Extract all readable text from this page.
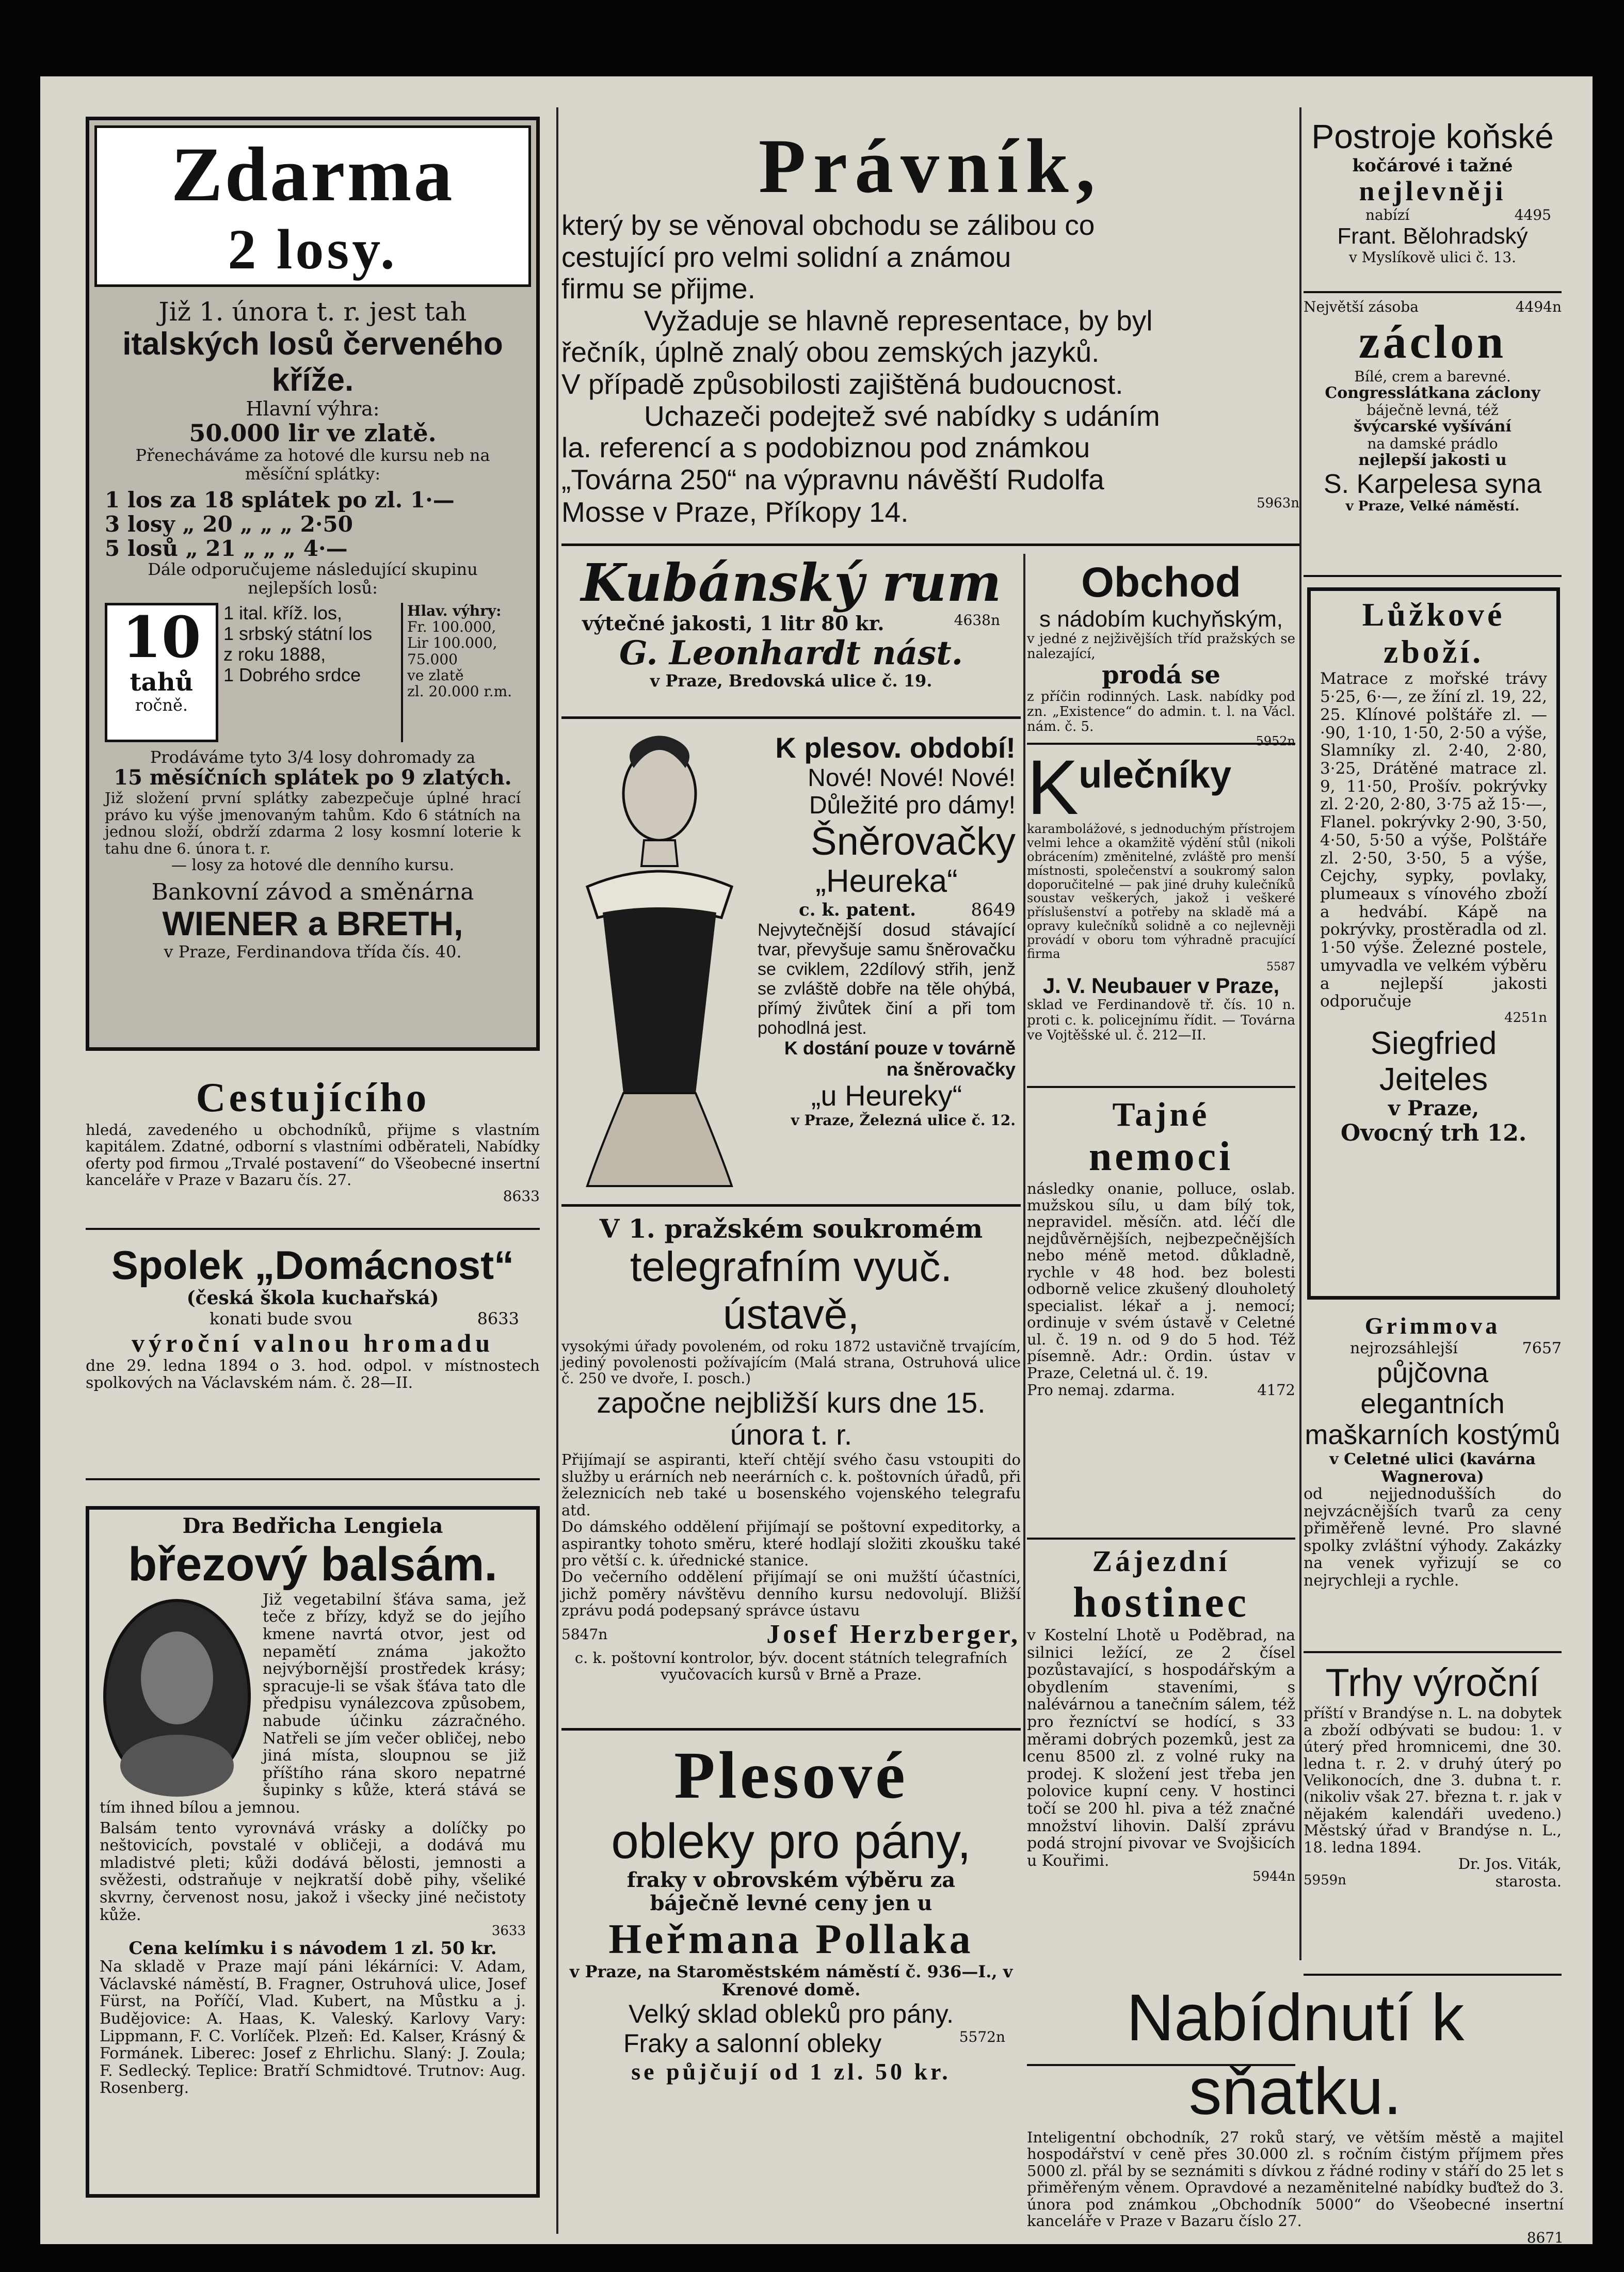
Zdarma
2 losy.
Již 1. února t. r. jest tah
italských losů červeného kříže.
Hlavní výhra:
50.000 lir ve zlatě.
Přenecháváme za hotové dle kursu neb na měsíční splátky:
1 los za 18 splátek po zl. 1·—
3 losy „ 20 „ „ „ 2·50
5 losů „ 21 „ „ „ 4·—
Dále odporučujeme následující skupinu nejlepších losů:
10
tahů
ročně.
1 ital. kříž. los,
1 srbský státní los
z roku 1888,
1 Dobrého srdce
Hlav. výhry:
Fr. 100.000,
Lir 100.000,
75.000
ve zlatě
zl. 20.000 r.m.
Prodáváme tyto 3/4 losy dohromady za
15 měsíčních splátek po 9 zlatých.
Již složení první splátky zabezpečuje úplné hrací právo ku výše jmenovaným tahům. Kdo 6 státních na jednou složí, obdrží zdarma 2 losy kosmní loterie k tahu dne 6. února t. r.
— losy za hotové dle denního kursu.
Bankovní závod a směnárna
WIENER a BRETH,
v Praze, Ferdinandova třída čís. 40.
Cestujícího
hledá, zavedeného u obchodníků, přijme s vlastním kapitálem. Zdatné, odborní s vlastními odběrateli, Nabídky oferty pod firmou „Trvalé postavení“ do Všeobecné insertní kanceláře v Praze v Bazaru čís. 27.
8633
Spolek „Domácnost“
(česká škola kuchařská)
konati bude svou	8633
výroční valnou hromadu
dne 29. ledna 1894 o 3. hod. odpol. v místnostech spolkových na Václavském nám. č. 28—II.
Dra Bedřicha Lengiela
březový balsám.
Již vegetabilní šťáva sama, jež teče z břízy, když se do jejího kmene navrtá otvor, jest od nepamětí známa jakožto nejvýbornější prostředek krásy; spracuje-li se však šťáva tato dle předpisu vynálezcova způsobem, nabude účinku zázračného. Natřeli se jím večer obličej, nebo jiná místa, sloupnou se již příštího rána skoro nepatrné šupinky s kůže, která stává se tím ihned bílou a jemnou.
Balsám tento vyrovnává vrásky a dolíčky po neštovicích, povstalé v obličeji, a dodává mu mladistvé pleti; kůži dodává bělosti, jemnosti a svěžesti, odstraňuje v nejkratší době pihy, všeliké skvrny, červenost nosu, jakož i všecky jiné nečistoty kůže.
3633
Cena kelímku i s návodem 1 zl. 50 kr.
Na skladě v Praze mají páni lékárníci: V. Adam, Václavské náměstí, B. Fragner, Ostruhová ulice, Josef Fürst, na Poříčí, Vlad. Kubert, na Můstku a j. Budějovice: A. Haas, K. Valeský. Karlovy Vary: Lippmann, F. C. Vorlíček. Plzeň: Ed. Kalser, Krásný & Formánek. Liberec: Josef z Ehrlichu. Slaný: J. Zoula; F. Sedlecký. Teplice: Bratří Schmidtové. Trutnov: Aug. Rosenberg.
Právník,
který by se věnoval obchodu se zálibou co
cestující pro velmi solidní a známou
firmu se přijme.
Vyžaduje se hlavně representace, by byl
řečník, úplně znalý obou zemských jazyků.
V případě způsobilosti zajištěná budoucnost.
Uchazeči podejtež své nabídky s udáním
la. referencí a s podobiznou pod známkou
„Továrna 250“ na výpravnu návěští Rudolfa
Mosse v Praze, Příkopy 14.	5963n
Kubánský rum
výtečné jakosti, 1 litr 80 kr.	4638n
G. Leonhardt nást.
v Praze, Bredovská ulice č. 19.
K plesov. období!
Nové! Nové! Nové!
Důležité pro dámy!
Šněrovačky
„Heureka“
c. k. patent.	8649
Nejvytečnější dosud stávající tvar, převyšuje samu šněrovačku se cviklem, 22dílový střih, jenž se zvláště dobře na těle ohýbá, přímý živůtek činí a při tom pohodlná jest.
K dostání pouze v továrně na šněrovačky
„u Heureky“
v Praze, Železná ulice č. 12.
V 1. pražském soukromém
telegrafním vyuč. ústavě,
vysokými úřady povoleném, od roku 1872 ustavičně trvajícím, jediný povolenosti požívajícím (Malá strana, Ostruhová ulice č. 250 ve dvoře, I. posch.)
započne nejbližší kurs dne 15. února t. r.
Přijímají se aspiranti, kteří chtějí svého času vstoupiti do služby u erárních neb neerárních c. k. poštovních úřadů, při železnicích neb také u bosenského vojenského telegrafu atd.
Do dámského oddělení přijímají se poštovní expeditorky, a aspirantky tohoto směru, které hodlají složiti zkoušku také pro větší c. k. úřednické stanice.
Do večerního oddělení přijímají se oni mužští účastníci, jichž poměry návštěvu denního kursu nedovolují. Bližší zprávu podá podepsaný správce ústavu
5847n	Josef Herzberger,
c. k. poštovní kontrolor, býv. docent státních telegrafních vyučovacích kursů v Brně a Praze.
Plesové
obleky pro pány,
fraky v obrovském výběru za
báječně levné ceny jen u
Heřmana Pollaka
v Praze, na Staroměstském náměstí č. 936—I., v Krenové domě.
Velký sklad obleků pro pány.
Fraky a salonní obleky	5572n
se půjčují od 1 zl. 50 kr.
Obchod
s nádobím kuchyňským,
v jedné z nejživějších tříd pražských se nalezající,
prodá se
z příčin rodinných. Lask. nabídky pod zn. „Existence“ do admin. t. l. na Václ. nám. č. 5.
5952n
K ulečníky
karambolážové, s jednoduchým přístrojem velmi lehce a okamžitě výdění stůl (nikoli obrácením) změnitelné, zvláště pro menší místnosti, společenství a soukromý salon doporučitelné — pak jiné druhy kulečníků soustav veškerých, jakož i veškeré příslušenství a potřeby na skladě má a opravy kulečníků solidně a co nejlevněji provádí v oboru tom výhradně pracující firma
5587
J. V. Neubauer v Praze,
sklad ve Ferdinandově tř. čís. 10 n. proti c. k. policejnímu řídit. — Továrna ve Vojtěšské ul. č. 212—II.
Tajné
nemoci
následky onanie, polluce, oslab. mužskou sílu, u dam bílý tok, nepravidel. měsíčn. atd. léčí dle nejdůvěrnějších, nejbezpečnějších nebo méně metod. důkladně, rychle v 48 hod. bez bolesti odborně velice zkušený dlouholetý specialist. lékař a j. nemocí; ordinuje v svém ústavě v Celetné ul. č. 19 n. od 9 do 5 hod. Též písemně. Adr.: Ordin. ústav v Praze, Celetná ul. č. 19.
Pro nemaj. zdarma.	4172
Zájezdní
hostinec
v Kostelní Lhotě u Poděbrad, na silnici ležící, ze 2 čísel pozůstavající, s hospodářským a obydlením staveními, s nalévárnou a tanečním sálem, též pro řezníctví se hodící, s 33 měrami dobrých pozemků, jest za cenu 8500 zl. z volné ruky na prodej. K složení jest třeba jen polovice kupní ceny. V hostinci točí se 200 hl. piva a též značné množství lihovin. Další zprávu podá strojní pivovar ve Svojšicích u Kouřimi.
5944n
Postroje koňské
kočárové i tažné
nejlevněji
nabízí	4495
Frant. Bělohradský
v Myslíkově ulici č. 13.
Největší zásoba	4494n
záclon
Bílé, crem a barevné.
Congresslátkana záclony
báječně levná, též
švýcarské vyšívání
na damské prádlo
nejlepší jakosti u
S. Karpelesa syna
v Praze, Velké náměstí.
Lůžkové
zboží.
Matrace z mořské trávy 5·25, 6·—, ze žíní zl. 19, 22, 25. Klínové polštáře zl. —·90, 1·10, 1·50, 2·50 a výše, Slamníky zl. 2·40, 2·80, 3·25, Drátěné matrace zl. 9, 11·50, Prošív. pokrývky zl. 2·20, 2·80, 3·75 až 15·—, Flanel. pokrývky 2·90, 3·50, 4·50, 5·50 a výše, Polštáře zl. 2·50, 3·50, 5 a výše, Cejchy, sypky, povlaky, plumeaux s vínového zboží a hedvábí. Kápě na pokrývky, prostěradla od zl. 1·50 výše. Železné postele, umyvadla ve velkém výběru a nejlepší jakosti odporučuje
4251n
Siegfried Jeiteles
v Praze,
Ovocný trh 12.
Grimmova
nejrozsáhlejší	7657
půjčovna elegantních
maškarních kostýmů
v Celetné ulici (kavárna Wagnerova)
od nejjednodušších do nejvzácnějších tvarů za ceny přiměřeně levné. Pro slavné spolky zvláštní výhody. Zakázky na venek vyřizují se co nejrychleji a rychle.
Trhy výroční
příští v Brandýse n. L. na dobytek a zboží odbývati se budou: 1. v úterý před hromnicemi, dne 30. ledna t. r. 2. v druhý úterý po Velikonocích, dne 3. dubna t. r. (nikoliv však 27. března t. r. jak v nějakém kalendáři uvedeno.) Městský úřad v Brandýse n. L., 18. ledna 1894.
Dr. Jos. Viták,
5959n	starosta.
Nabídnutí k sňatku.
Inteligentní obchodník, 27 roků starý, ve větším městě a majitel hospodářství v ceně přes 30.000 zl. s ročním čistým příjmem přes 5000 zl. přál by se seznámiti s dívkou z řádné rodiny v stáří do 25 let s přiměřeným věnem. Opravdové a nezaměnitelné nabídky buďtež do 3. února pod známkou „Obchodník 5000“ do Všeobecné insertní kanceláře v Praze v Bazaru číslo 27.
8671
